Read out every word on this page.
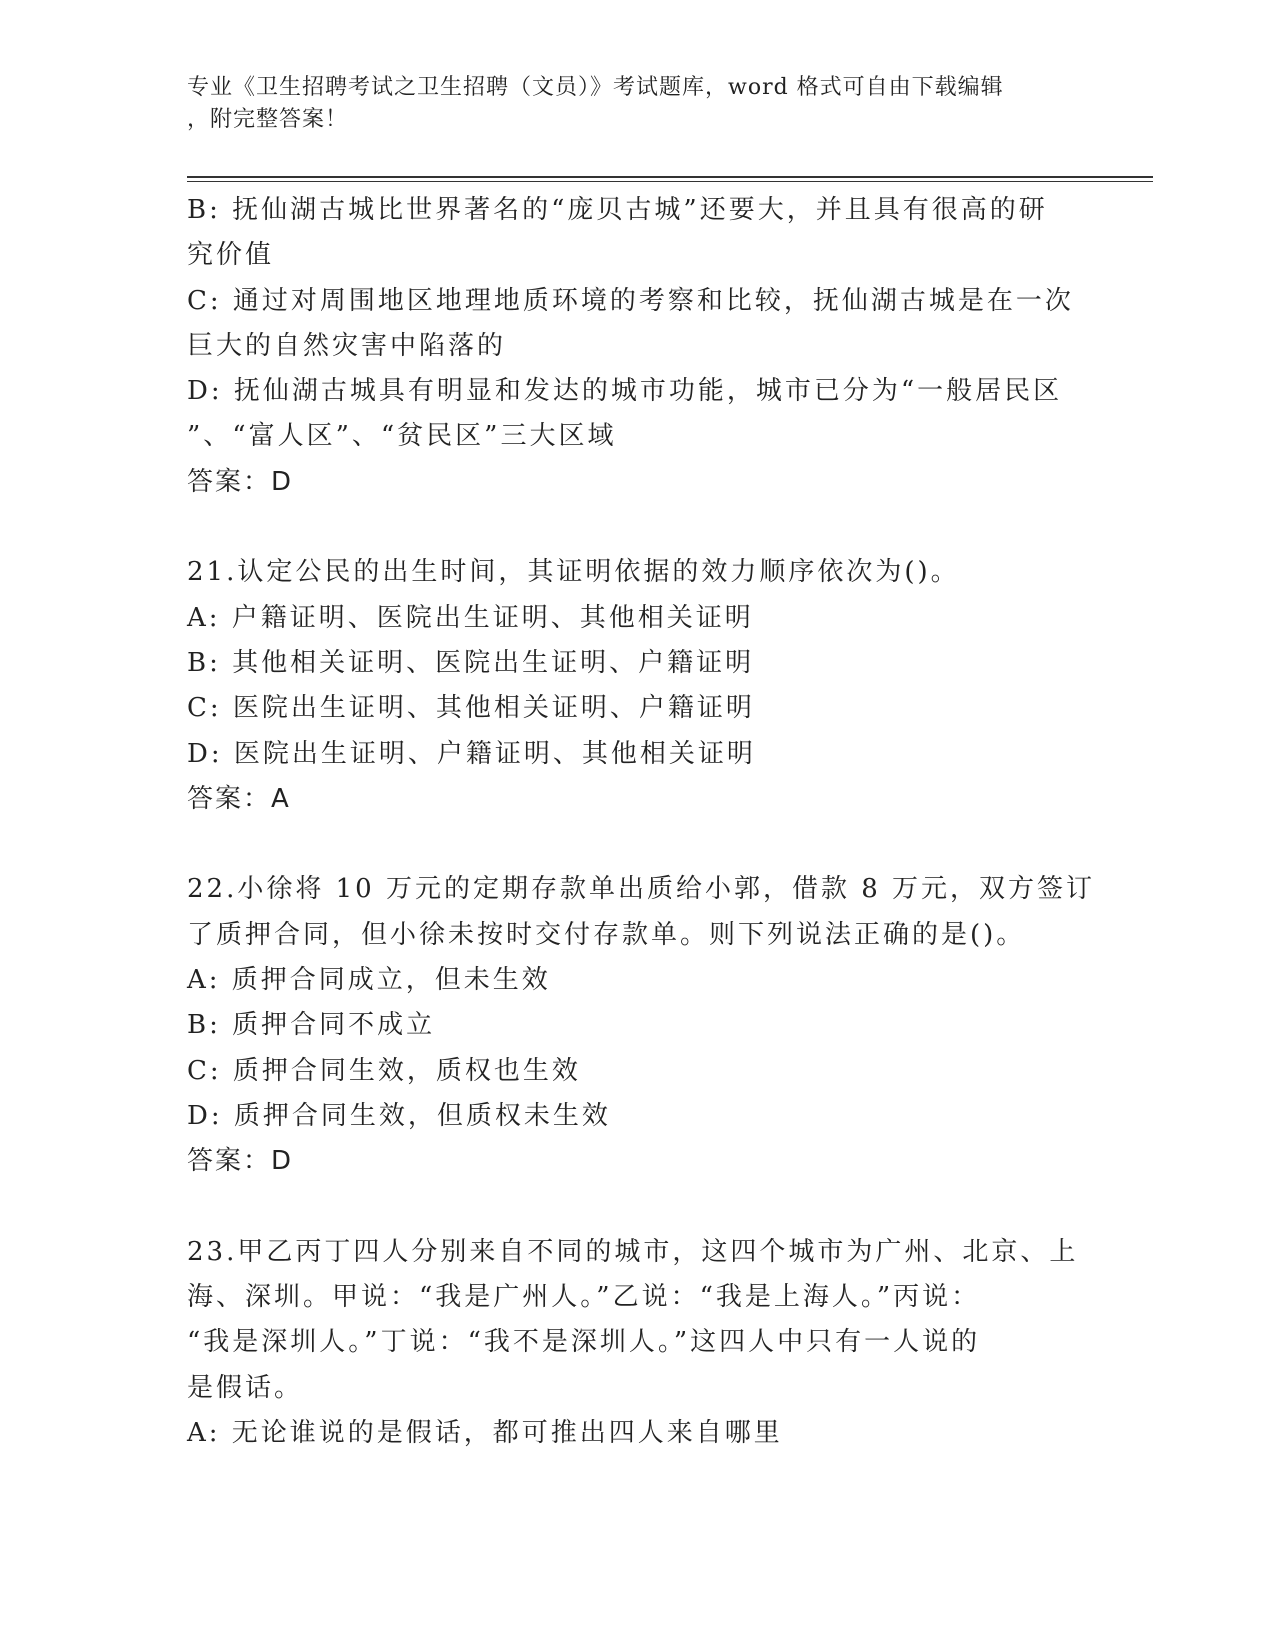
专业《卫生招聘考试之卫生招聘（文员）》考试题库，word 格式可自由下载编辑
，附完整答案！
B: 抚仙湖古城比世界著名的“庞贝古城”还要大，并且具有很高的研
究价值
C: 通过对周围地区地理地质环境的考察和比较，抚仙湖古城是在一次
巨大的自然灾害中陷落的
D: 抚仙湖古城具有明显和发达的城市功能，城市已分为“一般居民区
”、“富人区”、“贫民区”三大区域
答案：D
21.认定公民的出生时间，其证明依据的效力顺序依次为()。
A: 户籍证明、医院出生证明、其他相关证明
B: 其他相关证明、医院出生证明、户籍证明
C: 医院出生证明、其他相关证明、户籍证明
D: 医院出生证明、户籍证明、其他相关证明
答案：A
22.小徐将 10 万元的定期存款单出质给小郭，借款 8 万元，双方签订
了质押合同，但小徐未按时交付存款单。则下列说法正确的是()。
A: 质押合同成立，但未生效
B: 质押合同不成立
C: 质押合同生效，质权也生效
D: 质押合同生效，但质权未生效
答案：D
23.甲乙丙丁四人分别来自不同的城市，这四个城市为广州、北京、上
海、深圳。甲说：“我是广州人。”乙说：“我是上海人。”丙说：
“我是深圳人。”丁说：“我不是深圳人。”这四人中只有一人说的
是假话。
A: 无论谁说的是假话，都可推出四人来自哪里
